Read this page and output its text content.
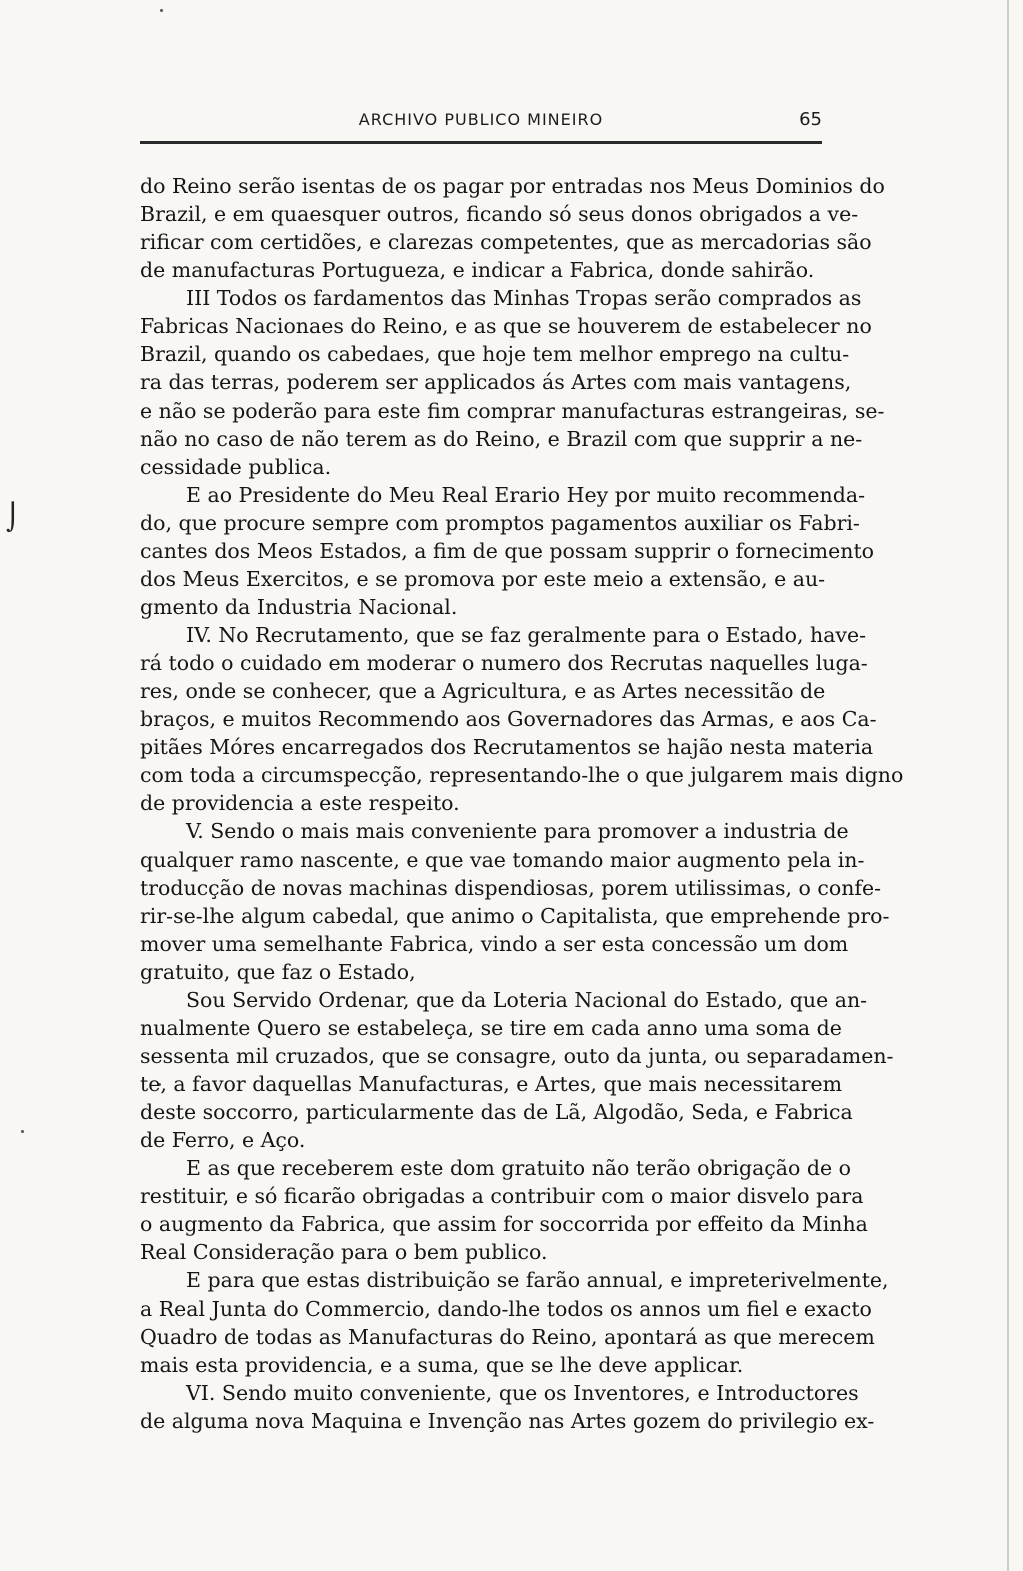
⌡
ARCHIVO PUBLICO MINEIRO	65
do Reino serão isentas de os pagar por entradas nos Meus Dominios do
Brazil, e em quaesquer outros, ficando só seus donos obrigados a ve-
rificar com certidões, e clarezas competentes, que as mercadorias são
de manufacturas Portugueza, e indicar a Fabrica, donde sahirão.
III Todos os fardamentos das Minhas Tropas serão comprados as
Fabricas Nacionaes do Reino, e as que se houverem de estabelecer no
Brazil, quando os cabedaes, que hoje tem melhor emprego na cultu-
ra das terras, poderem ser applicados ás Artes com mais vantagens,
e não se poderão para este fim comprar manufacturas estrangeiras, se-
não no caso de não terem as do Reino, e Brazil com que supprir a ne-
cessidade publica.
E ao Presidente do Meu Real Erario Hey por muito recommenda-
do, que procure sempre com promptos pagamentos auxiliar os Fabri-
cantes dos Meos Estados, a fim de que possam supprir o fornecimento
dos Meus Exercitos, e se promova por este meio a extensão, e au-
gmento da Industria Nacional.
IV. No Recrutamento, que se faz geralmente para o Estado, have-
rá todo o cuidado em moderar o numero dos Recrutas naquelles luga-
res, onde se conhecer, que a Agricultura, e as Artes necessitão de
braços, e muitos Recommendo aos Governadores das Armas, e aos Ca-
pitães Móres encarregados dos Recrutamentos se hajão nesta materia
com toda a circumspecção, representando-lhe o que julgarem mais digno
de providencia a este respeito.
V. Sendo o mais mais conveniente para promover a industria de
qualquer ramo nascente, e que vae tomando maior augmento pela in-
troducção de novas machinas dispendiosas, porem utilissimas, o confe-
rir-se-lhe algum cabedal, que animo o Capitalista, que emprehende pro-
mover uma semelhante Fabrica, vindo a ser esta concessão um dom
gratuito, que faz o Estado,
Sou Servido Ordenar, que da Loteria Nacional do Estado, que an-
nualmente Quero se estabeleça, se tire em cada anno uma soma de
sessenta mil cruzados, que se consagre, outo da junta, ou separadamen-
te, a favor daquellas Manufacturas, e Artes, que mais necessitarem
deste soccorro, particularmente das de Lã, Algodão, Seda, e Fabrica
de Ferro, e Aço.
E as que receberem este dom gratuito não terão obrigação de o
restituir, e só ficarão obrigadas a contribuir com o maior disvelo para
o augmento da Fabrica, que assim for soccorrida por effeito da Minha
Real Consideração para o bem publico.
E para que estas distribuição se farão annual, e impreterivelmente,
a Real Junta do Commercio, dando-lhe todos os annos um fiel e exacto
Quadro de todas as Manufacturas do Reino, apontará as que merecem
mais esta providencia, e a suma, que se lhe deve applicar.
VI. Sendo muito conveniente, que os Inventores, e Introductores
de alguma nova Maquina e Invenção nas Artes gozem do privilegio ex-
